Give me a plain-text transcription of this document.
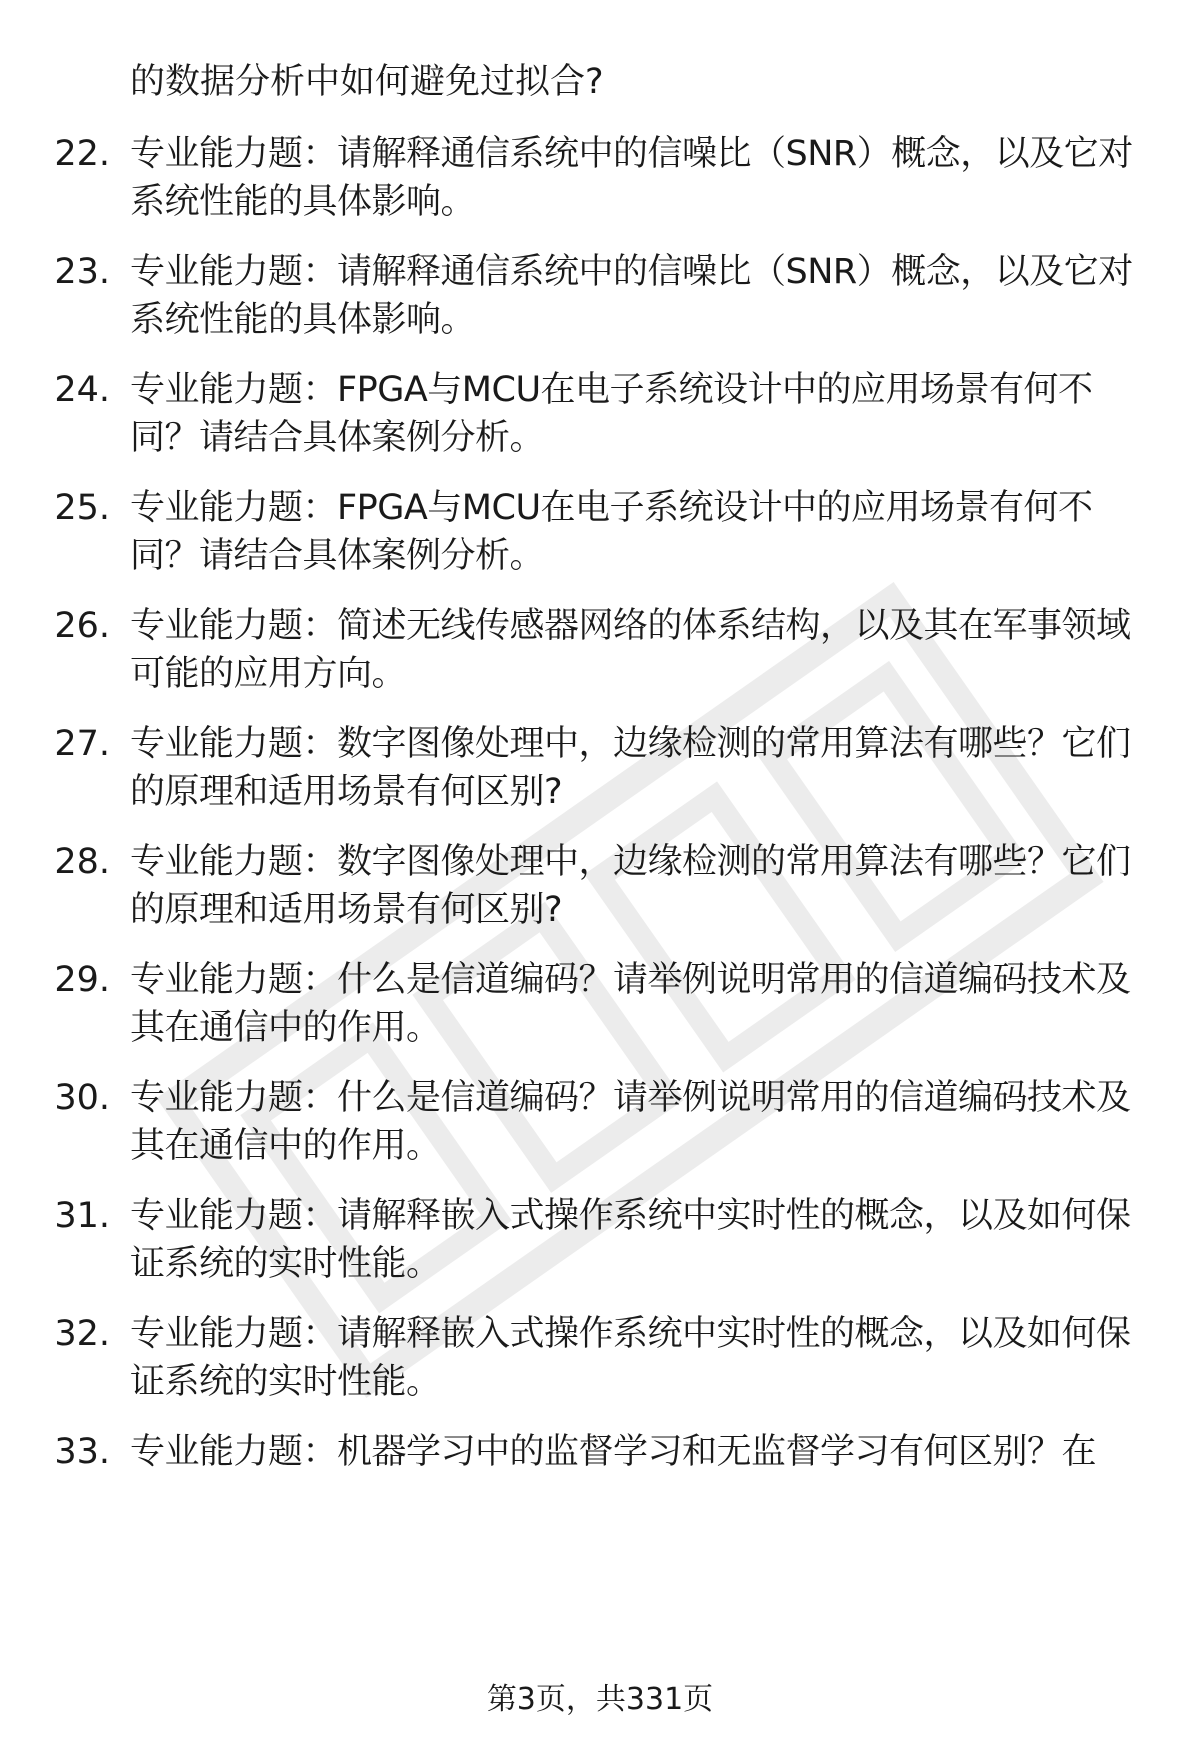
的数据分析中如何避免过拟合?
22. 专业能力题：请解释通信系统中的信噪比（SNR）概念，以及它对系统性能的具体影响。
23. 专业能力题：请解释通信系统中的信噪比（SNR）概念，以及它对系统性能的具体影响。
24. 专业能力题：FPGA与MCU在电子系统设计中的应用场景有何不同？请结合具体案例分析。
25. 专业能力题：FPGA与MCU在电子系统设计中的应用场景有何不同？请结合具体案例分析。
26. 专业能力题：简述无线传感器网络的体系结构，以及其在军事领域可能的应用方向。
27. 专业能力题：数字图像处理中，边缘检测的常用算法有哪些？它们的原理和适用场景有何区别?
28. 专业能力题：数字图像处理中，边缘检测的常用算法有哪些？它们的原理和适用场景有何区别?
29. 专业能力题：什么是信道编码？请举例说明常用的信道编码技术及其在通信中的作用。
30. 专业能力题：什么是信道编码？请举例说明常用的信道编码技术及其在通信中的作用。
31. 专业能力题：请解释嵌入式操作系统中实时性的概念，以及如何保证系统的实时性能。
32. 专业能力题：请解释嵌入式操作系统中实时性的概念，以及如何保证系统的实时性能。
33. 专业能力题：机器学习中的监督学习和无监督学习有何区别？在
第3页，共331页
